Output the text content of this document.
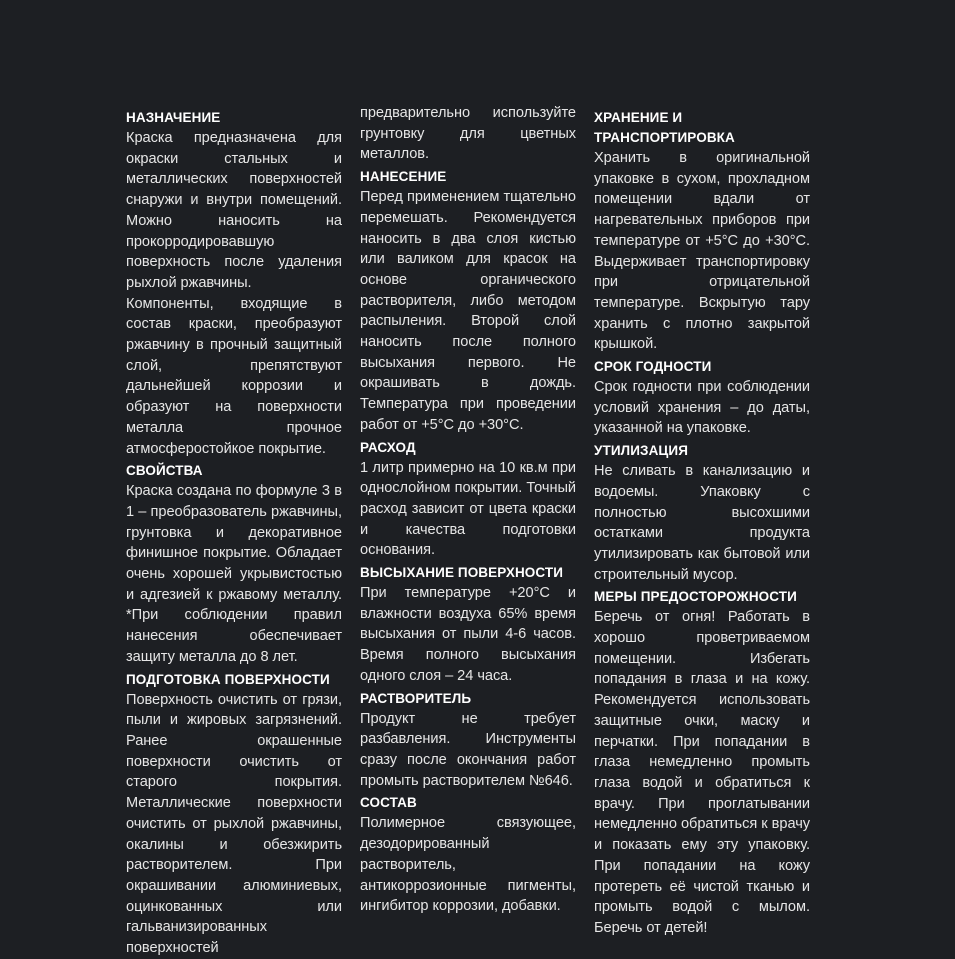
НАЗНАЧЕНИЕ

Краска предназначена для окраски стальных и металлических поверхностей снаружи и внутри помещений. Можно наносить на прокорродировавшую поверхность после удаления рыхлой ржавчины.

Компоненты, входящие в состав краски, преобразуют ржавчину в прочный защитный слой, препятствуют дальнейшей коррозии и образуют на поверхности металла прочное атмосферостойкое покрытие.

СВОЙСТВА

Краска создана по формуле 3 в 1 – преобразователь ржавчины, грунтовка и декоративное финишное покрытие. Обладает очень хорошей укрывистостью и адгезией к ржавому металлу. *При соблюдении правил нанесения обеспечивает защиту металла до 8 лет.

ПОДГОТОВКА ПОВЕРХНОСТИ

Поверхность очистить от грязи, пыли и жировых загрязнений. Ранее окрашенные поверхности очистить от старого покрытия. Металлические поверхности очистить от рыхлой ржавчины, окалины и обезжирить растворителем. При окрашивании алюминиевых, оцинкованных или гальванизированных поверхностей

предварительно используйте грунтовку для цветных металлов.

НАНЕСЕНИЕ

Перед применением тщательно перемешать. Рекомендуется наносить в два слоя кистью или валиком для красок на основе органического растворителя, либо методом распыления. Второй слой наносить после полного высыхания первого. Не окрашивать в дождь. Температура при проведении работ от +5°С до +30°С.

РАСХОД

1 литр примерно на 10 кв.м при однослойном покрытии. Точный расход зависит от цвета краски и качества подготовки основания.

ВЫСЫХАНИЕ ПОВЕРХНОСТИ

При температуре +20°С и влажности воздуха 65% время высыхания от пыли 4-6 часов. Время полного высыхания одного слоя – 24 часа.

РАСТВОРИТЕЛЬ

Продукт не требует разбавления. Инструменты сразу после окончания работ промыть растворителем №646.

СОСТАВ

Полимерное связующее, дезодорированный растворитель, антикоррозионные пигменты, ингибитор коррозии, добавки.

ХРАНЕНИЕ И ТРАНСПОРТИРОВКА

Хранить в оригинальной упаковке в сухом, прохладном помещении вдали от нагревательных приборов при температуре от +5°С до +30°С. Выдерживает транспортировку при отрицательной температуре. Вскрытую тару хранить с плотно закрытой крышкой.

СРОК ГОДНОСТИ

Срок годности при соблюдении условий хранения – до даты, указанной на упаковке.

УТИЛИЗАЦИЯ

Не сливать в канализацию и водоемы. Упаковку с полностью высохшими остатками продукта утилизировать как бытовой или строительный мусор.

МЕРЫ ПРЕДОСТОРОЖНОСТИ

Беречь от огня! Работать в хорошо проветриваемом помещении. Избегать попадания в глаза и на кожу. Рекомендуется использовать защитные очки, маску и перчатки. При попадании в глаза немедленно промыть глаза водой и обратиться к врачу. При проглатывании немедленно обратиться к врачу и показать ему эту упаковку. При попадании на кожу протереть её чистой тканью и промыть водой с мылом. Беречь от детей!
